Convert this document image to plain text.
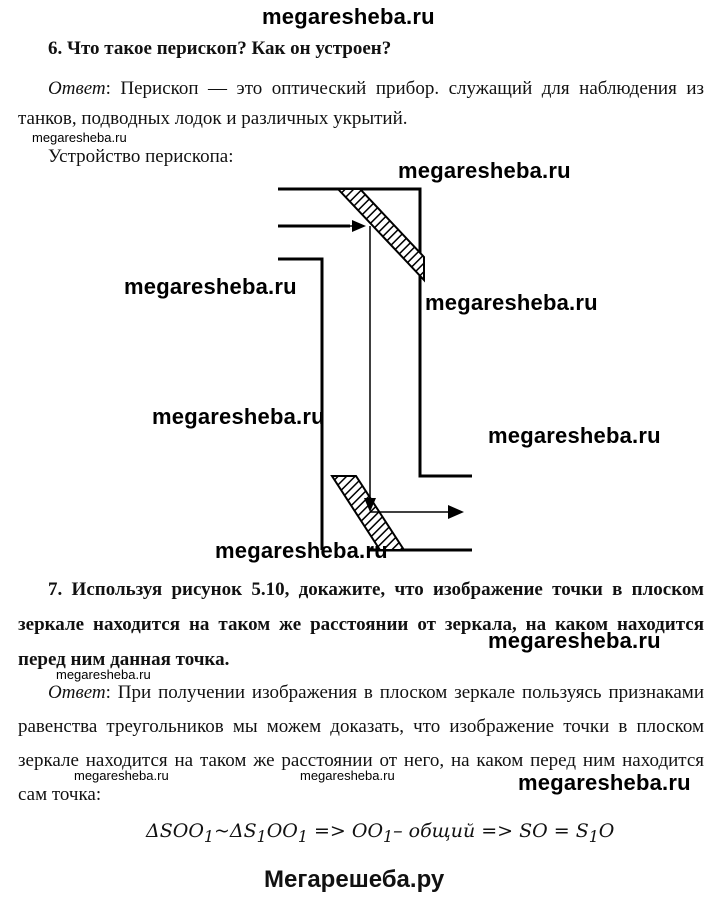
megaresheba.ru
6. Что такое перископ? Как он устроен?
Ответ: Перископ — это оптический прибор. служащий для наблюдения из танков, подводных лодок и различных укрытий.
megaresheba.ru
Устройство перископа:
megaresheba.ru
megaresheba.ru
megaresheba.ru
megaresheba.ru
megaresheba.ru
megaresheba.ru
7. Используя рисунок 5.10, докажите, что изображение точки в плоском зеркале находится на таком же расстоянии от зеркала, на каком находится перед ним данная точка.
megaresheba.ru
megaresheba.ru
Ответ: При получении изображения в плоском зеркале пользуясь признаками равенства треугольников мы можем доказать, что изображение точки в плоском зеркале находится на таком же расстоянии от него, на каком перед ним находится сам точка:
megaresheba.ru	megaresheba.ru	megaresheba.ru
$\Delta SOO_1\sim\Delta S_1OO_1 => OO_1-$ общий => SO = $S_1O$
Мегарешеба.ру
